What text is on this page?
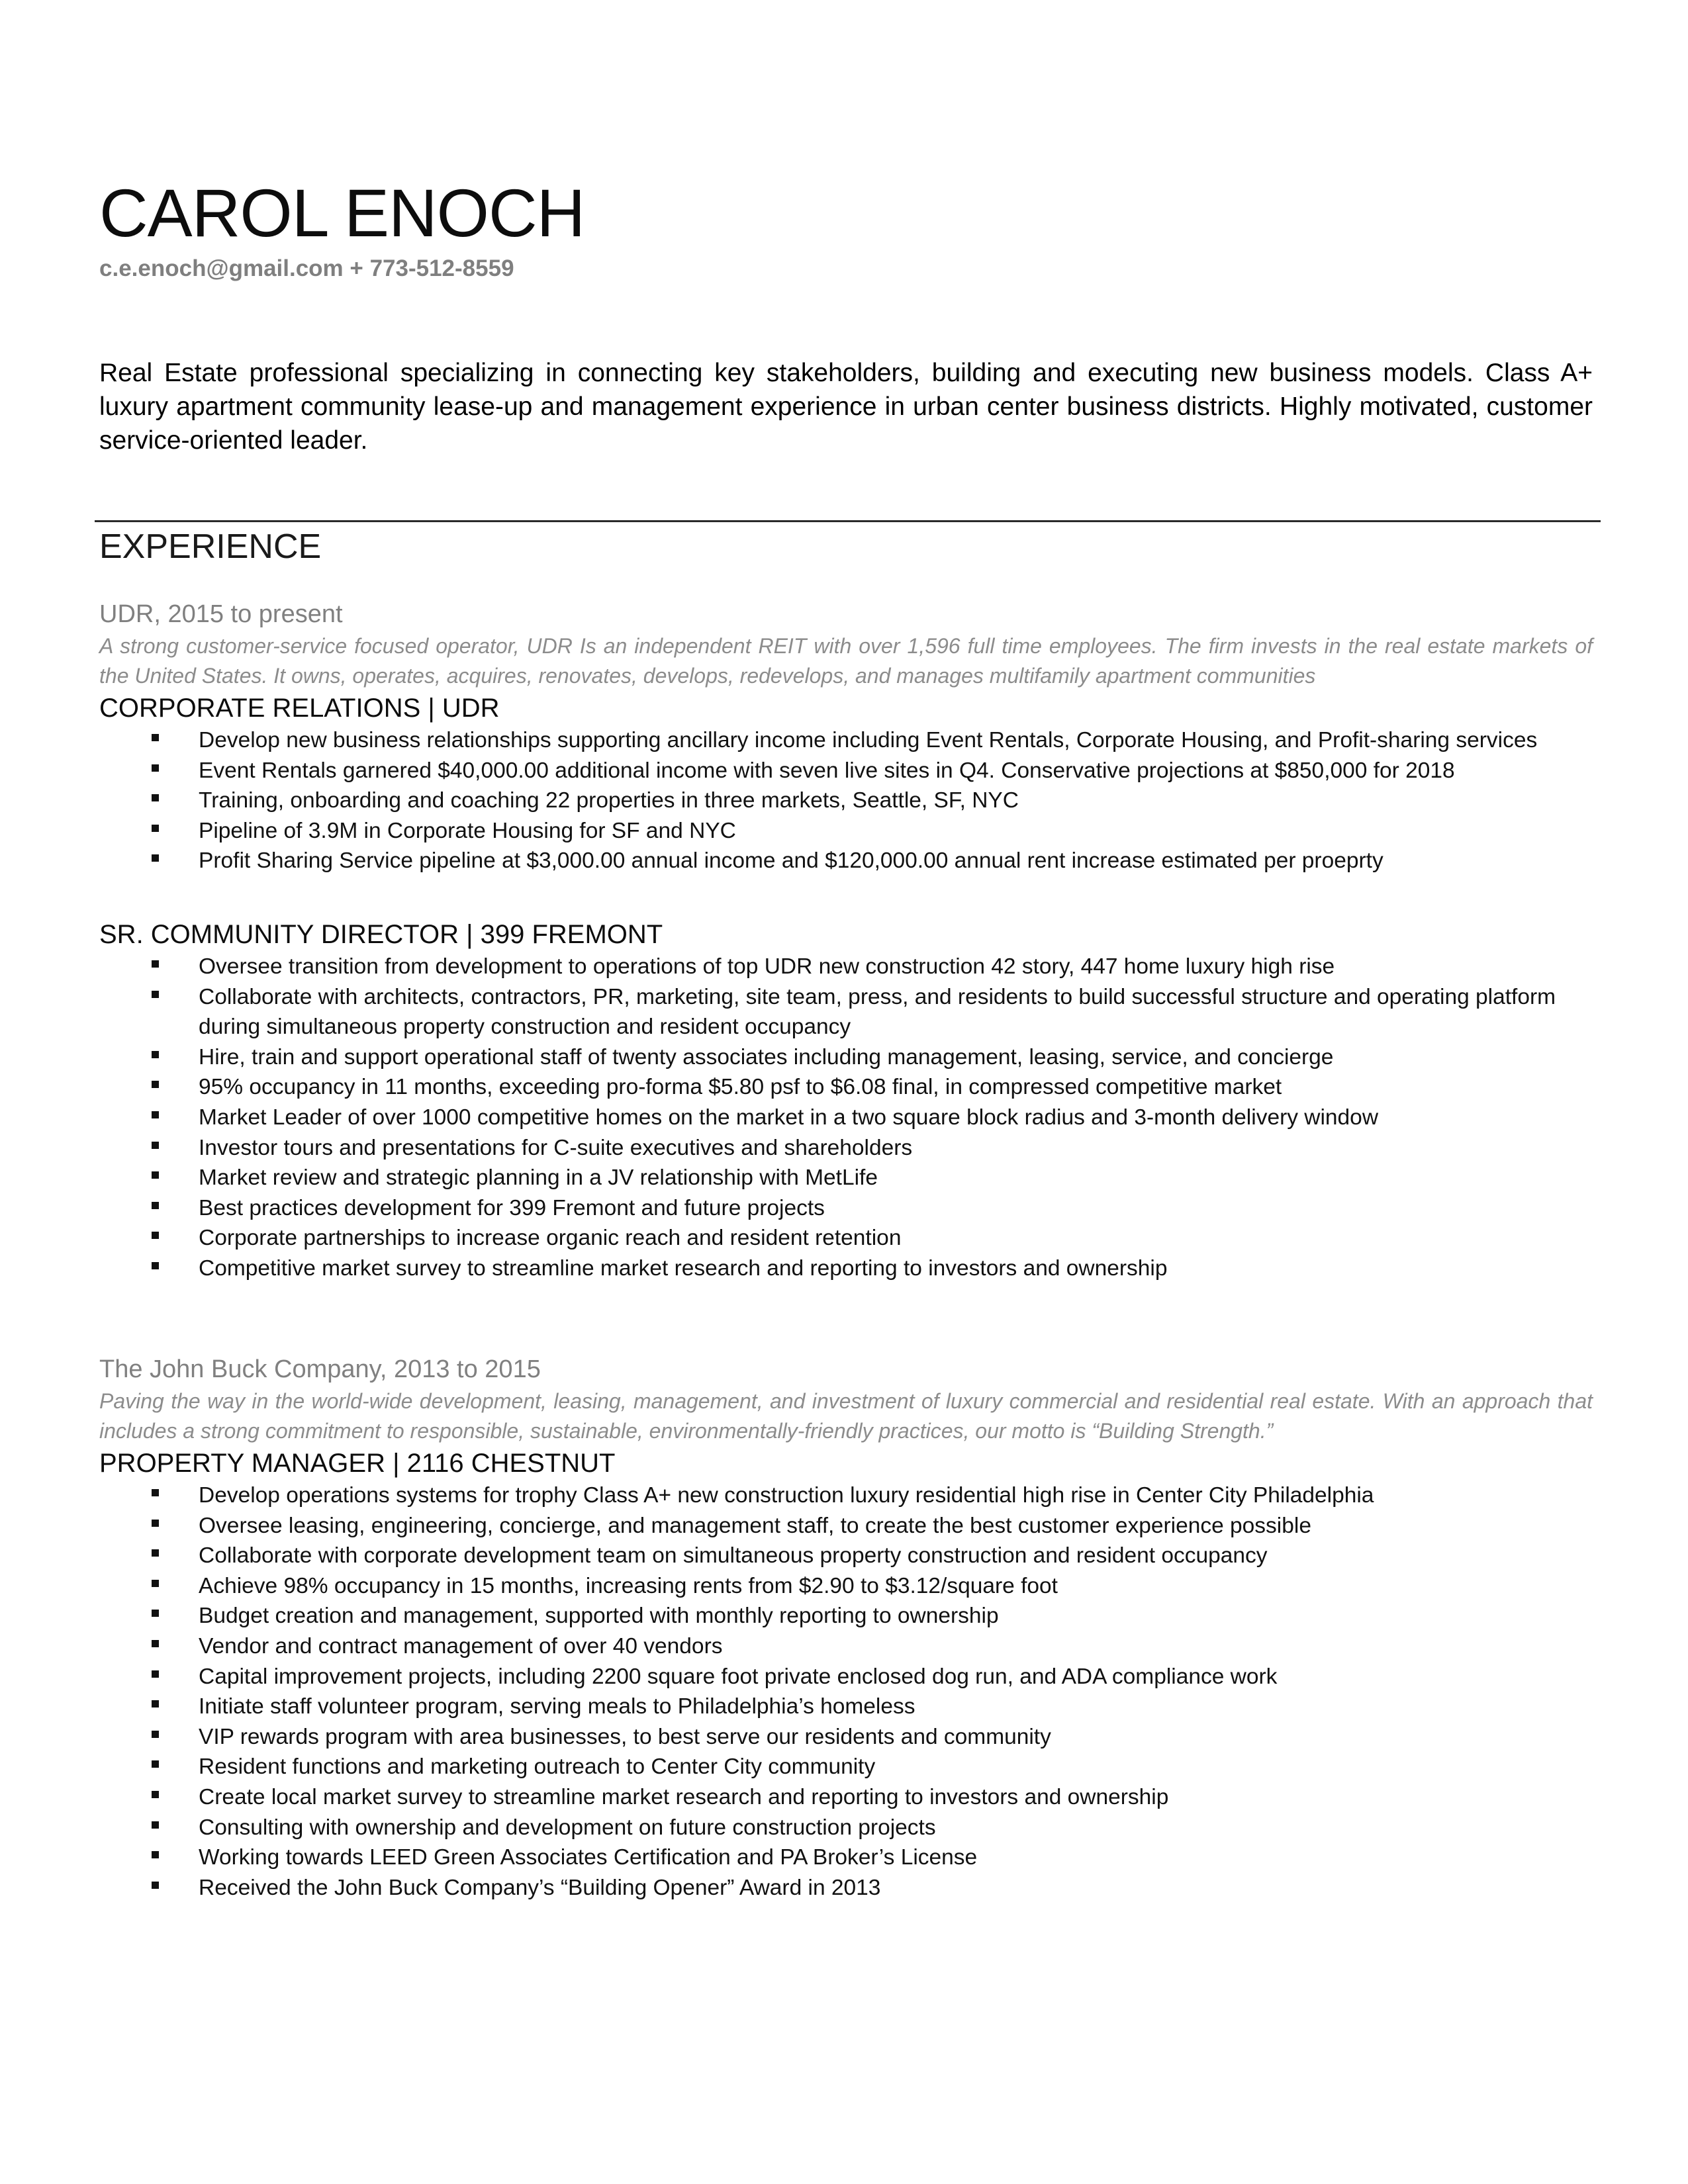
CAROL ENOCH
c.e.enoch@gmail.com + 773-512-8559
Real Estate professional specializing in connecting key stakeholders, building and executing new business models. Class A+ luxury apartment community lease-up and management experience in urban center business districts. Highly motivated, customer service-oriented leader.
EXPERIENCE
UDR, 2015 to present
A strong customer-service focused operator, UDR Is an independent REIT with over 1,596 full time employees. The firm invests in the real estate markets of the United States. It owns, operates, acquires, renovates, develops, redevelops, and manages multifamily apartment communities
CORPORATE RELATIONS | UDR
Develop new business relationships supporting ancillary income including Event Rentals, Corporate Housing, and Profit-sharing services
Event Rentals garnered $40,000.00 additional income with seven live sites in Q4. Conservative projections at $850,000 for 2018
Training, onboarding and coaching 22 properties in three markets, Seattle, SF, NYC
Pipeline of 3.9M in Corporate Housing for SF and NYC
Profit Sharing Service pipeline at $3,000.00 annual income and $120,000.00 annual rent increase estimated per proeprty
SR. COMMUNITY DIRECTOR | 399 FREMONT
Oversee transition from development to operations of top UDR new construction 42 story, 447 home luxury high rise
Collaborate with architects, contractors, PR, marketing, site team, press, and residents to build successful structure and operating platform during simultaneous property construction and resident occupancy
Hire, train and support operational staff of twenty associates including management, leasing, service, and concierge
95% occupancy in 11 months, exceeding pro-forma $5.80 psf to $6.08 final, in compressed competitive market
Market Leader of over 1000 competitive homes on the market in a two square block radius and 3-month delivery window
Investor tours and presentations for C-suite executives and shareholders
Market review and strategic planning in a JV relationship with MetLife
Best practices development for 399 Fremont and future projects
Corporate partnerships to increase organic reach and resident retention
Competitive market survey to streamline market research and reporting to investors and ownership
The John Buck Company, 2013 to 2015
Paving the way in the world-wide development, leasing, management, and investment of luxury commercial and residential real estate. With an approach that includes a strong commitment to responsible, sustainable, environmentally-friendly practices, our motto is “Building Strength.”
PROPERTY MANAGER | 2116 CHESTNUT
Develop operations systems for trophy Class A+ new construction luxury residential high rise in Center City Philadelphia
Oversee leasing, engineering, concierge, and management staff, to create the best customer experience possible
Collaborate with corporate development team on simultaneous property construction and resident occupancy
Achieve 98% occupancy in 15 months, increasing rents from $2.90 to $3.12/square foot
Budget creation and management, supported with monthly reporting to ownership
Vendor and contract management of over 40 vendors
Capital improvement projects, including 2200 square foot private enclosed dog run, and ADA compliance work
Initiate staff volunteer program, serving meals to Philadelphia’s homeless
VIP rewards program with area businesses, to best serve our residents and community
Resident functions and marketing outreach to Center City community
Create local market survey to streamline market research and reporting to investors and ownership
Consulting with ownership and development on future construction projects
Working towards LEED Green Associates Certification and PA Broker’s License
Received the John Buck Company’s “Building Opener” Award in 2013
